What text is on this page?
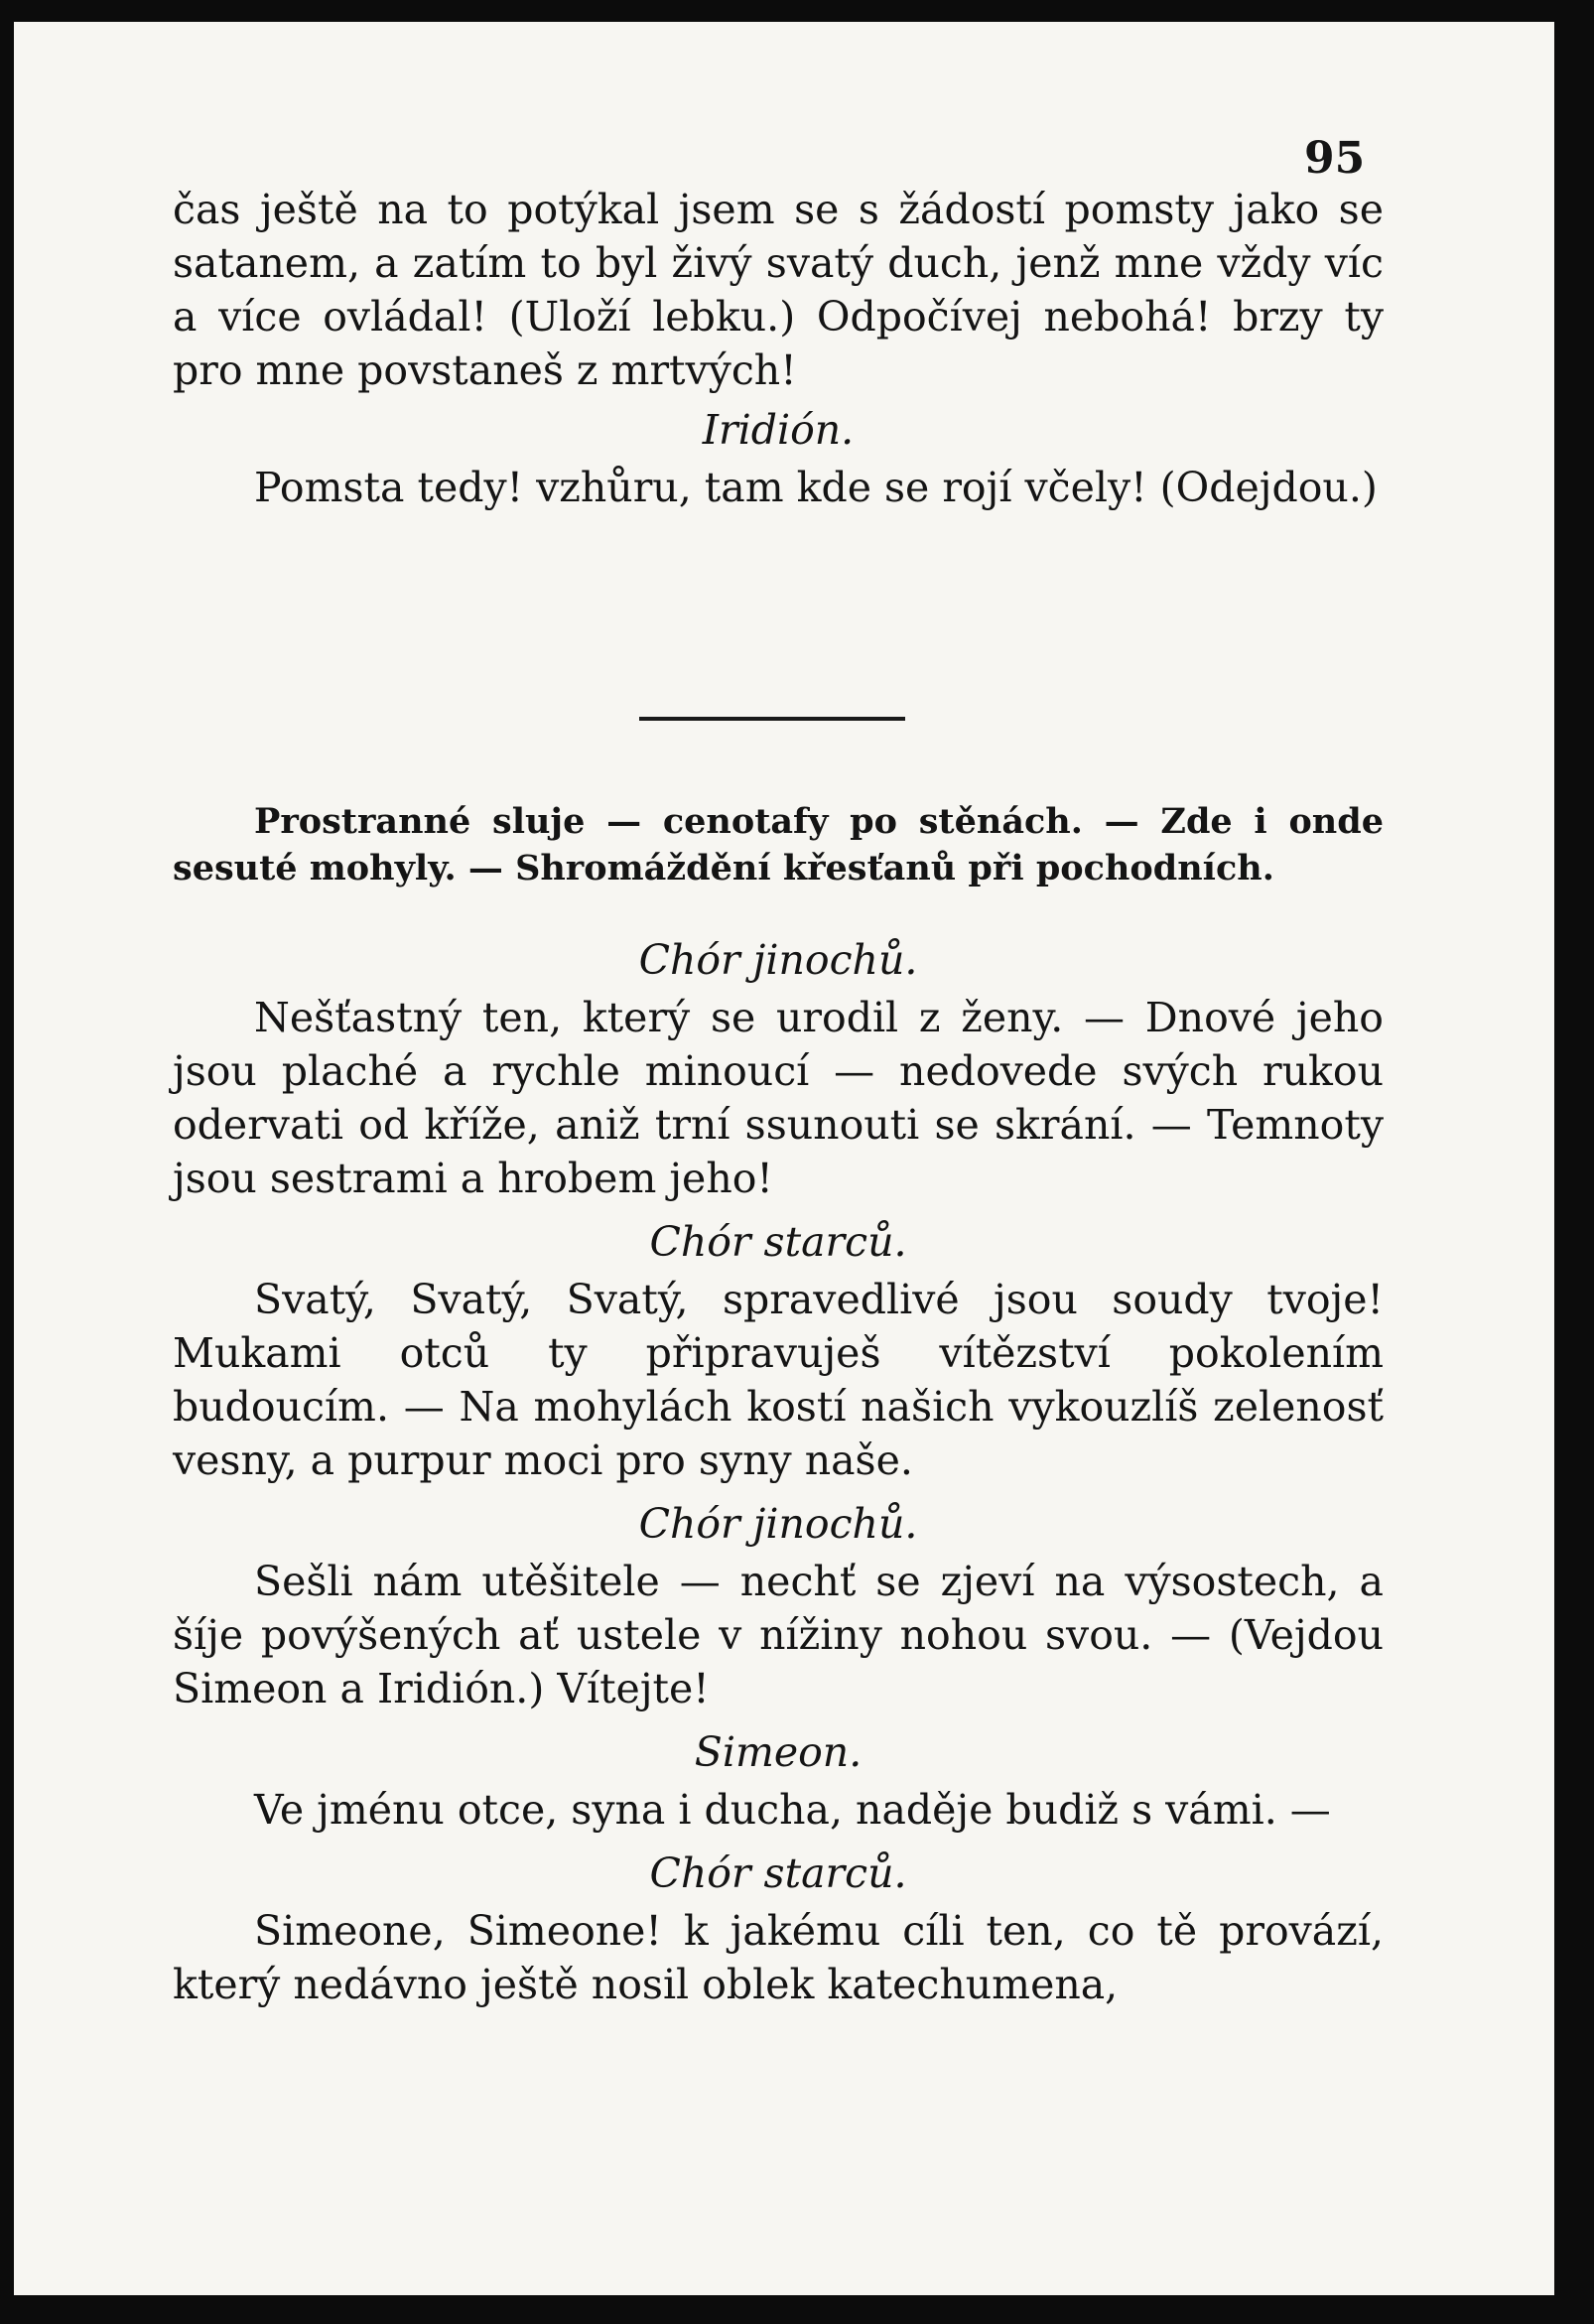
95

čas ještě na to potýkal jsem se s žádostí pomsty jako se satanem, a zatím to byl živý svatý duch, jenž mne vždy víc a více ovládal! (Uloží lebku.) Odpočívej nebohá! brzy ty pro mne povstaneš z mrtvých!

Iridión.

Pomsta tedy! vzhůru, tam kde se rojí včely! (Odejdou.)

Prostranné sluje — cenotafy po stěnách. — Zde i onde sesuté mohyly. — Shromáždění křesťanů při pochodních.

Chór jinochů.

Nešťastný ten, který se urodil z ženy. — Dnové jeho jsou plaché a rychle minoucí — nedovede svých rukou odervati od kříže, aniž trní ssunouti se skrání. — Temnoty jsou sestrami a hrobem jeho!

Chór starců.

Svatý, Svatý, Svatý, spravedlivé jsou soudy tvoje! Mukami otců ty připravuješ vítězství pokolením budoucím. — Na mohylách kostí našich vykouzlíš zelenosť vesny, a purpur moci pro syny naše.

Chór jinochů.

Sešli nám utěšitele — nechť se zjeví na výsostech, a šíje povýšených ať ustele v nížiny nohou svou. — (Vejdou Simeon a Iridión.) Vítejte!

Simeon.

Ve jménu otce, syna i ducha, naděje budiž s vámi. —

Chór starců.

Simeone, Simeone! k jakému cíli ten, co tě provází, který nedávno ještě nosil oblek katechumena,
